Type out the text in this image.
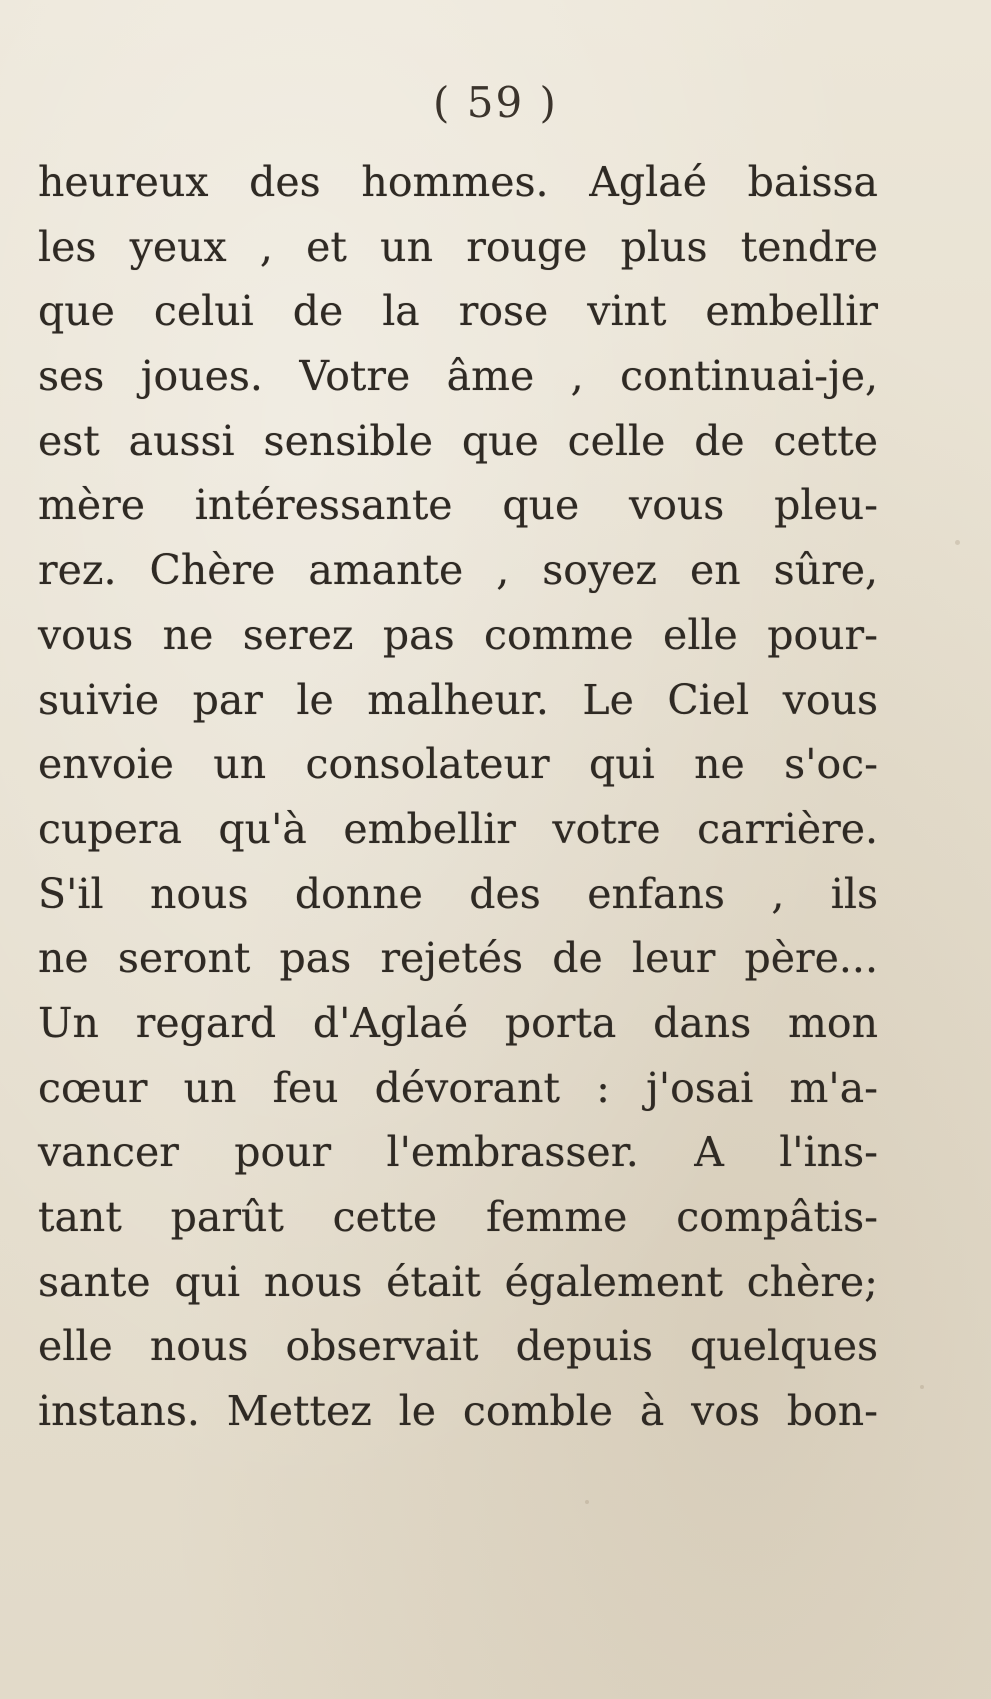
( 59 )
heureux des hommes. Aglaé baissa
les yeux , et un rouge plus tendre
que celui de la rose vint embellir
ses joues. Votre âme , continuai-je,
est aussi sensible que celle de cette
mère intéressante que vous pleu-
rez. Chère amante , soyez en sûre,
vous ne serez pas comme elle pour-
suivie par le malheur. Le Ciel vous
envoie un consolateur qui ne s'oc-
cupera qu'à embellir votre carrière.
S'il nous donne des enfans , ils
ne seront pas rejetés de leur père...
Un regard d'Aglaé porta dans mon
cœur un feu dévorant : j'osai m'a-
vancer pour l'embrasser. A l'ins-
tant parût cette femme compâtis-
sante qui nous était également chère;
elle nous observait depuis quelques
instans. Mettez le comble à vos bon-
